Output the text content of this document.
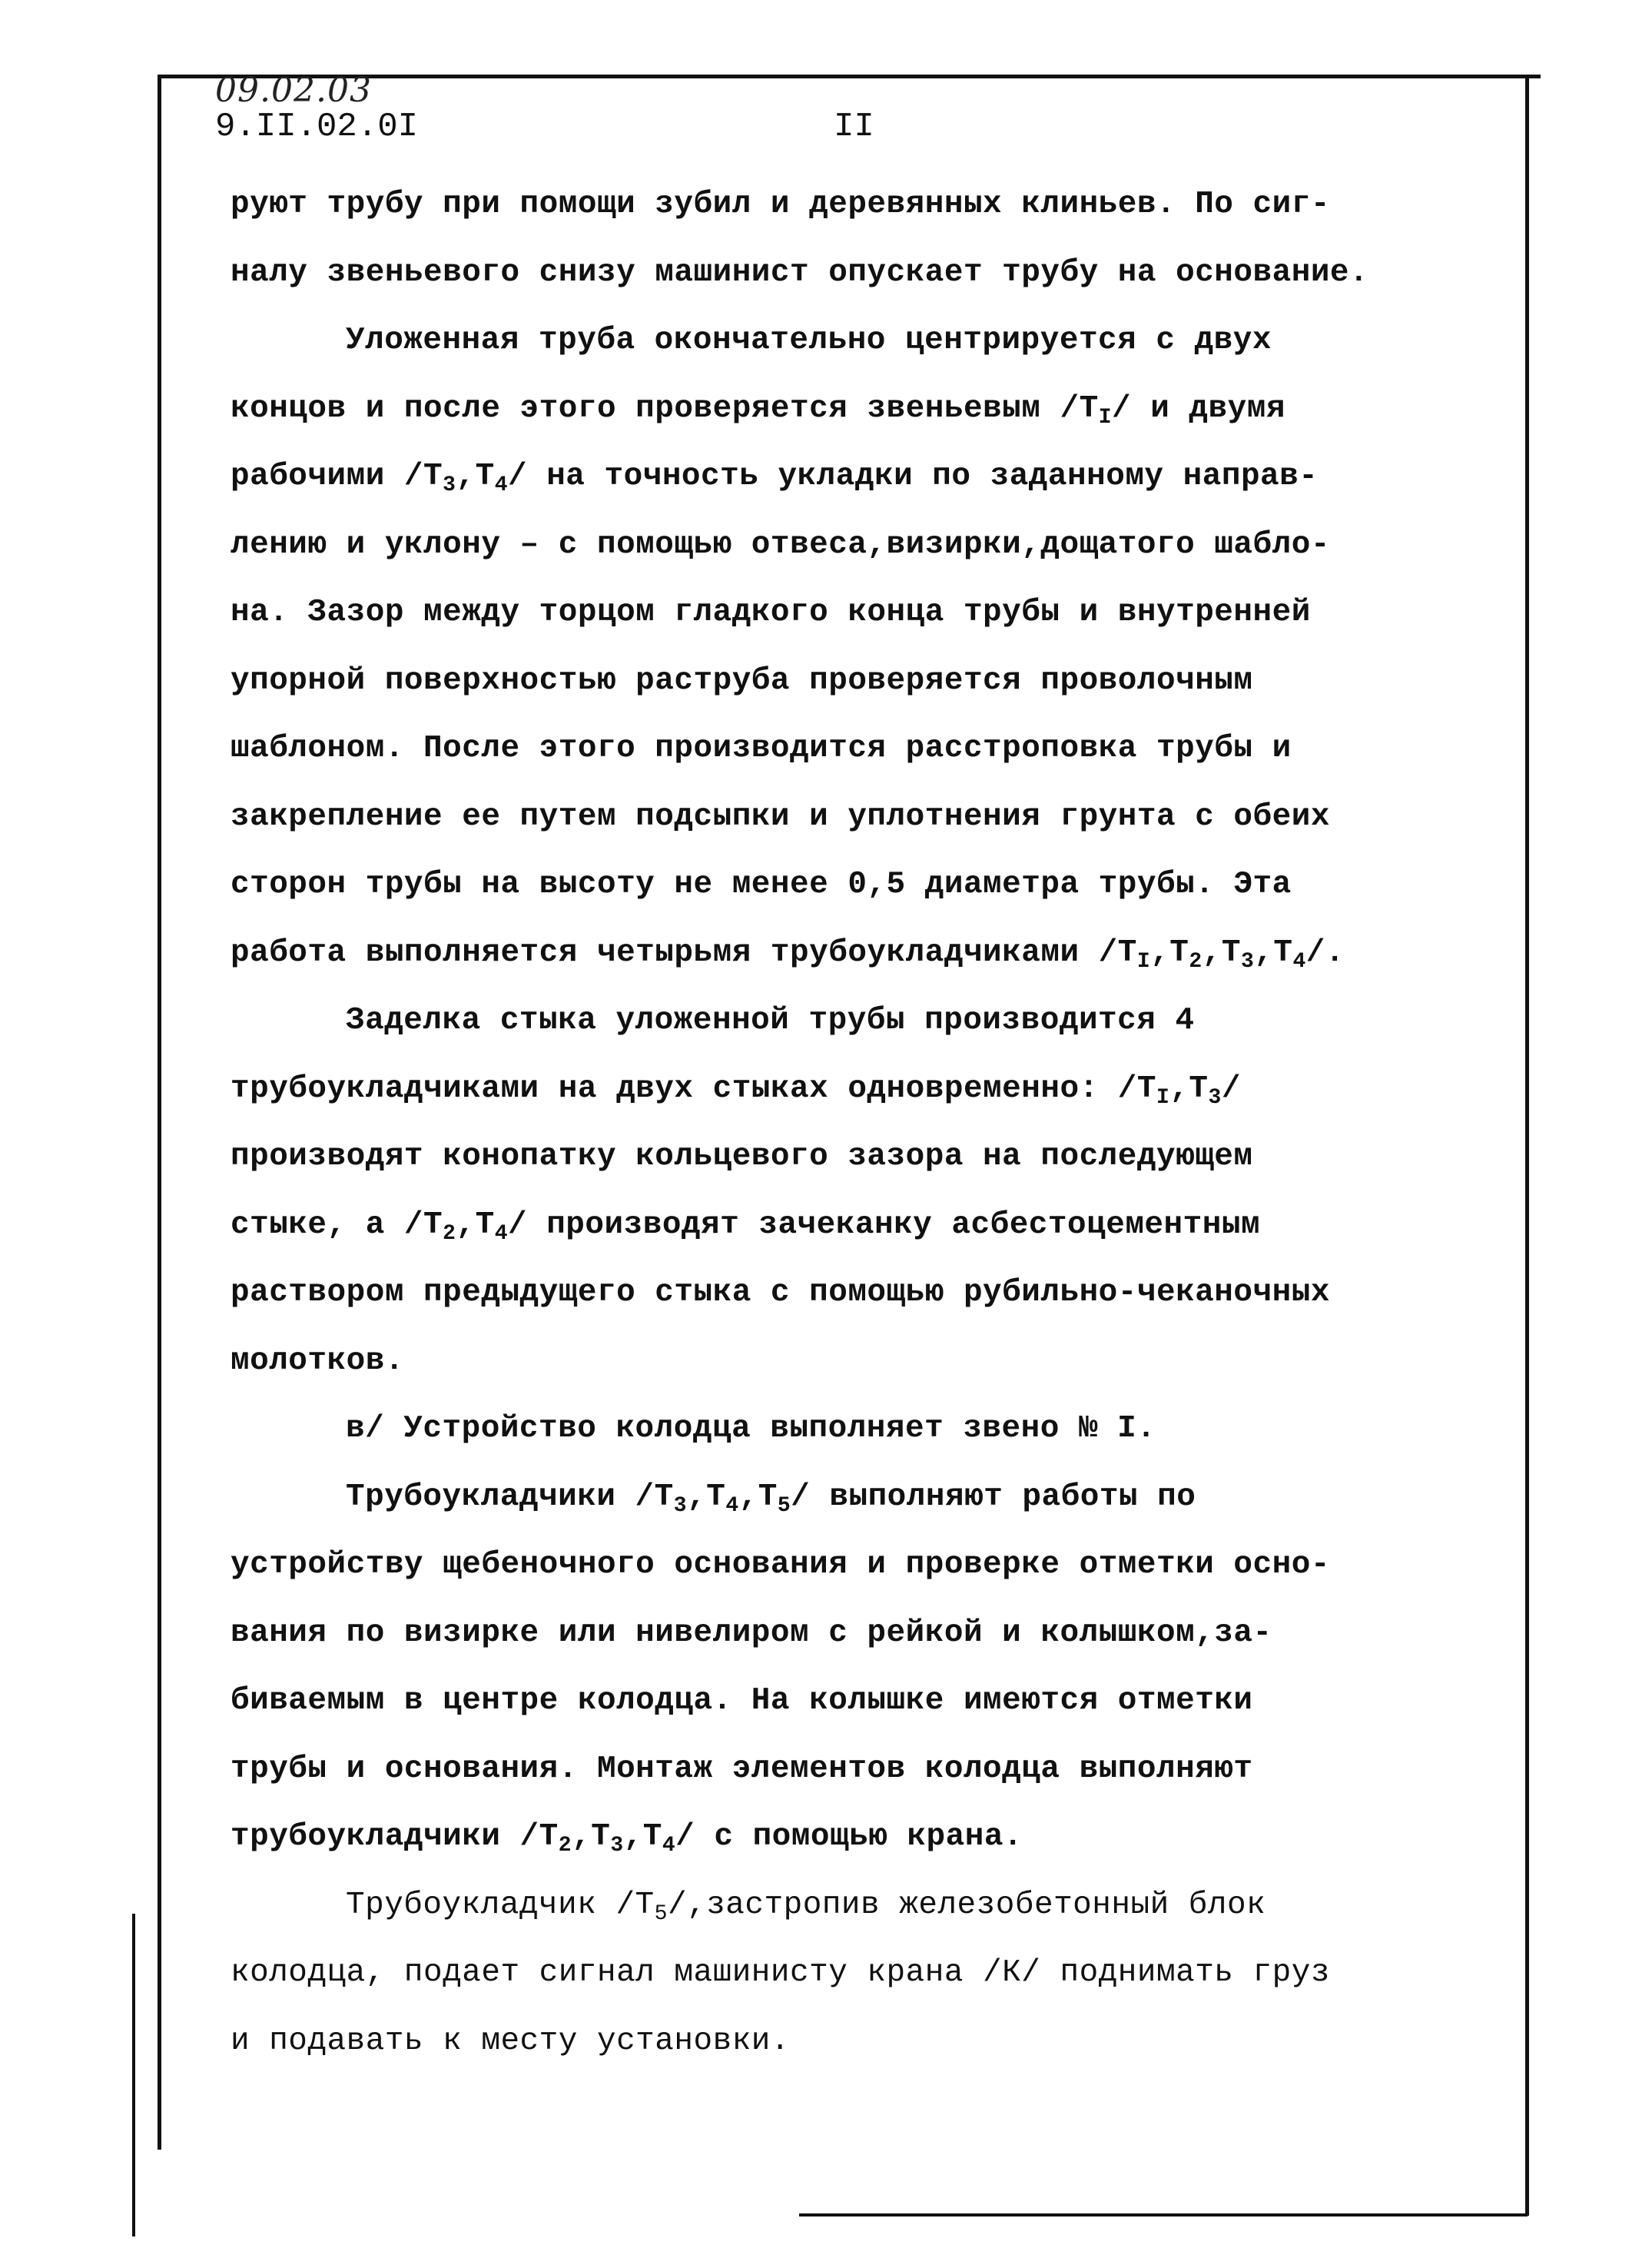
09.02.03
9.II.02.0I	II
руют трубу при помощи зубил и деревянных клиньев. По сиг-
налу звеньевого снизу машинист опускает трубу на основание.
Уложенная труба окончательно центрируется с двух
концов и после этого проверяется звеньевым $/Т_I/$ и двумя
рабочими $/Т_3,Т_4/$ на точность укладки по заданному направ-
лению и уклону – с помощью отвеса,визирки,дощатого шабло-
на. Зазор между торцом гладкого конца трубы и внутренней
упорной поверхностью раструба проверяется проволочным
шаблоном. После этого производится расстроповка трубы и
закрепление ее путем подсыпки и уплотнения грунта с обеих
сторон трубы на высоту не менее 0,5 диаметра трубы. Эта
работа выполняется четырьмя трубоукладчиками $/Т_I,Т_2,Т_3,Т_4/$.
Заделка стыка уложенной трубы производится 4
трубоукладчиками на двух стыках одновременно: $/Т_I,Т_3/$
производят конопатку кольцевого зазора на последующем
стыке, а $/Т_2,Т_4/$ производят зачеканку асбестоцементным
раствором предыдущего стыка с помощью рубильно-чеканочных
молотков.
в/ Устройство колодца выполняет звено № I.
Трубоукладчики $/Т_3,Т_4,Т_5/$ выполняют работы по
устройству щебеночного основания и проверке отметки осно-
вания по визирке или нивелиром с рейкой и колышком,за-
биваемым в центре колодца. На колышке имеются отметки
трубы и основания. Монтаж элементов колодца выполняют
трубоукладчики $/Т_2,Т_3,Т_4/$ с помощью крана.
Трубоукладчик $/Т_5/,застропив$ железобетонный блок
колодца, подает сигнал машинисту крана /К/ поднимать груз
и подавать к месту установки.
